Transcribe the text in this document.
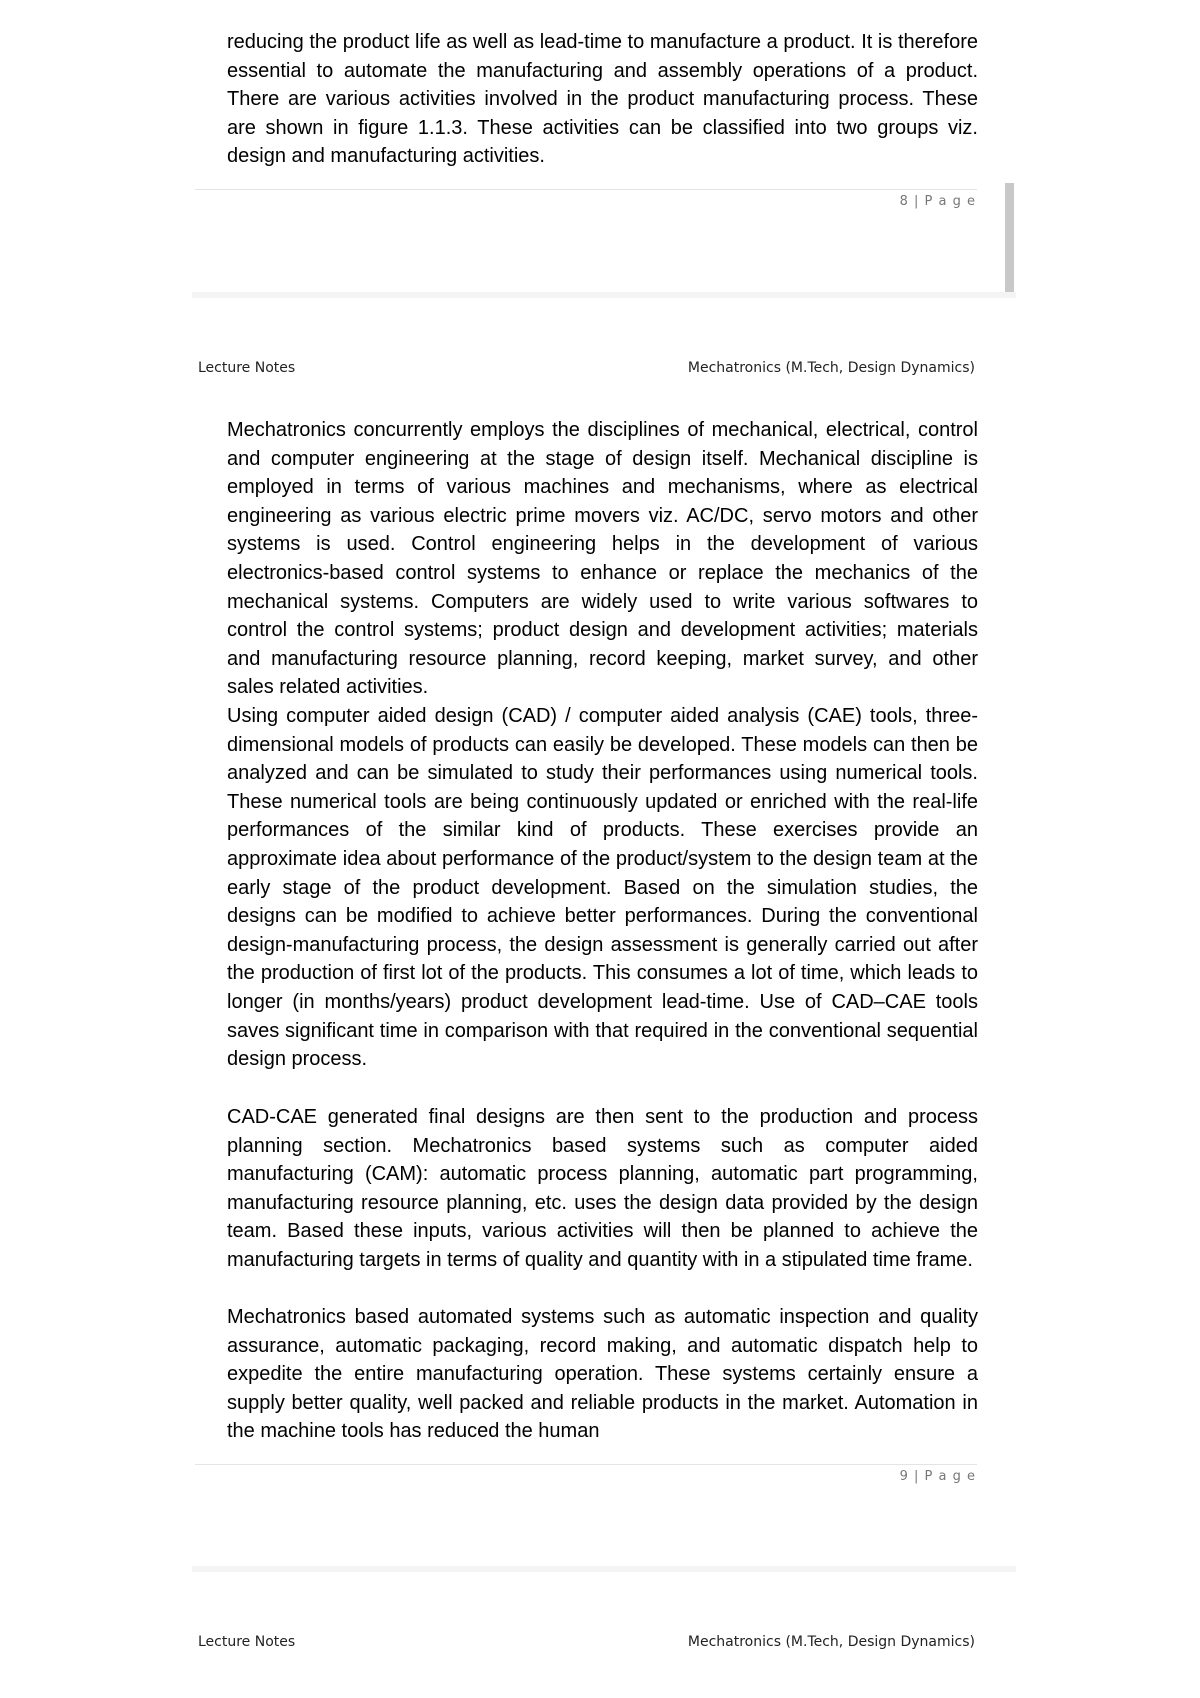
reducing the product life as well as lead-time to manufacture a product. It is therefore essential to automate the manufacturing and assembly operations of a product. There are various activities involved in the product manufacturing process. These are shown in figure 1.1.3. These activities can be classified into two groups viz. design and manufacturing activities.

8 | P a g e
Lecture Notes	Mechatronics (M.Tech, Design Dynamics)

Mechatronics concurrently employs the disciplines of mechanical, electrical, control and computer engineering at the stage of design itself. Mechanical discipline is employed in terms of various machines and mechanisms, where as electrical engineering as various electric prime movers viz. AC/DC, servo motors and other systems is used. Control engineering helps in the development of various electronics-based control systems to enhance or replace the mechanics of the mechanical systems. Computers are widely used to write various softwares to control the control systems; product design and development activities; materials and manufacturing resource planning, record keeping, market survey, and other sales related activities.

Using computer aided design (CAD) / computer aided analysis (CAE) tools, three-dimensional models of products can easily be developed. These models can then be analyzed and can be simulated to study their performances using numerical tools. These numerical tools are being continuously updated or enriched with the real-life performances of the similar kind of products. These exercises provide an approximate idea about performance of the product/system to the design team at the early stage of the product development. Based on the simulation studies, the designs can be modified to achieve better performances. During the conventional design-manufacturing process, the design assessment is generally carried out after the production of first lot of the products. This consumes a lot of time, which leads to longer (in months/years) product development lead-time. Use of CAD–CAE tools saves significant time in comparison with that required in the conventional sequential design process.

CAD-CAE generated final designs are then sent to the production and process planning section. Mechatronics based systems such as computer aided manufacturing (CAM): automatic process planning, automatic part programming, manufacturing resource planning, etc. uses the design data provided by the design team. Based these inputs, various activities will then be planned to achieve the manufacturing targets in terms of quality and quantity with in a stipulated time frame.

Mechatronics based automated systems such as automatic inspection and quality assurance, automatic packaging, record making, and automatic dispatch help to expedite the entire manufacturing operation. These systems certainly ensure a supply better quality, well packed and reliable products in the market. Automation in the machine tools has reduced the human

9 | P a g e
Lecture Notes	Mechatronics (M.Tech, Design Dynamics)
